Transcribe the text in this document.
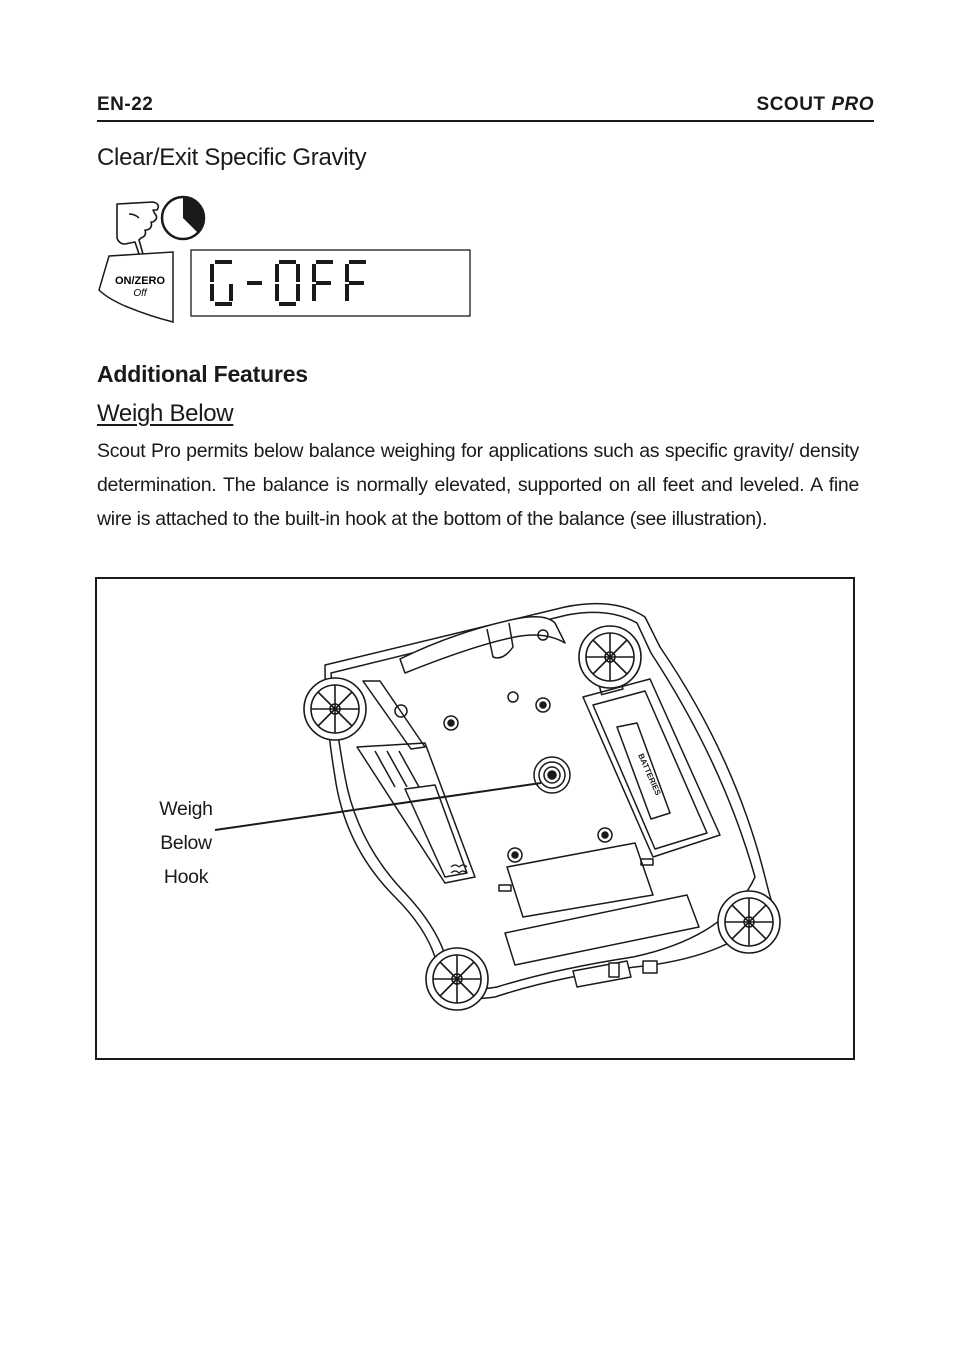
EN-22	SCOUT PRO
Clear/Exit Specific Gravity
ON/ZERO
Off
Additional Features
Weigh Below

Scout Pro permits below balance weighing for applications such as specific gravity/ density determination. The balance is normally elevated, supported on all feet and leveled. A fine wire is attached to the built-in hook at the bottom of the balance (see illustration).

BATTERIES
Weigh
Below
Hook
